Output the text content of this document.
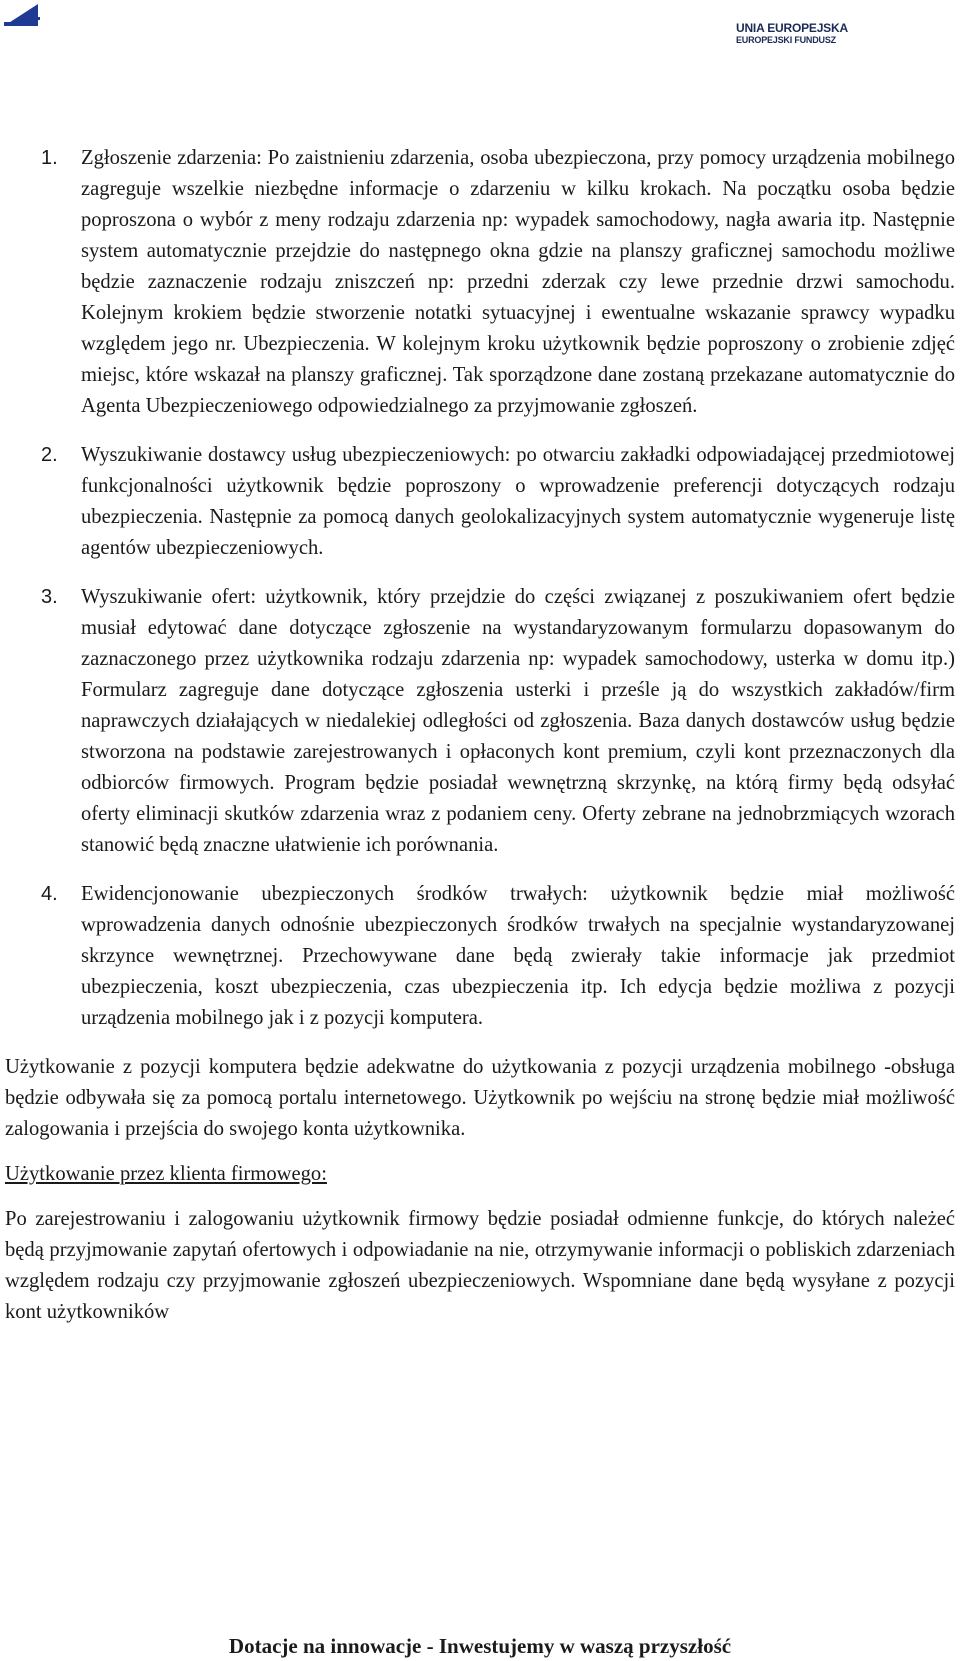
UNIA EUROPEJSKA
EUROPEJSKI FUNDUSZ
1. Zgłoszenie zdarzenia: Po zaistnieniu zdarzenia, osoba ubezpieczona, przy pomocy urządzenia mobilnego zagreguje wszelkie niezbędne informacje o zdarzeniu w kilku krokach. Na początku osoba będzie poproszona o wybór z meny rodzaju zdarzenia np: wypadek samochodowy, nagła awaria itp. Następnie system automatycznie przejdzie do następnego okna gdzie na planszy graficznej samochodu możliwe będzie zaznaczenie rodzaju zniszczeń np: przedni zderzak czy lewe przednie drzwi samochodu. Kolejnym krokiem będzie stworzenie notatki sytuacyjnej i ewentualne wskazanie sprawcy wypadku względem jego nr. Ubezpieczenia. W kolejnym kroku użytkownik będzie poproszony o zrobienie zdjęć miejsc, które wskazał na planszy graficznej. Tak sporządzone dane zostaną przekazane automatycznie do Agenta Ubezpieczeniowego odpowiedzialnego za przyjmowanie zgłoszeń.
2. Wyszukiwanie dostawcy usług ubezpieczeniowych: po otwarciu zakładki odpowiadającej przedmiotowej funkcjonalności użytkownik będzie poproszony o wprowadzenie preferencji dotyczących rodzaju ubezpieczenia. Następnie za pomocą danych geolokalizacyjnych system automatycznie wygeneruje listę agentów ubezpieczeniowych.
3. Wyszukiwanie ofert: użytkownik, który przejdzie do części związanej z poszukiwaniem ofert będzie musiał edytować dane dotyczące zgłoszenie na wystandaryzowanym formularzu dopasowanym do zaznaczonego przez użytkownika rodzaju zdarzenia np: wypadek samochodowy, usterka w domu itp.) Formularz zagreguje dane dotyczące zgłoszenia usterki i prześle ją do wszystkich zakładów/firm naprawczych działających w niedalekiej odległości od zgłoszenia. Baza danych dostawców usług będzie stworzona na podstawie zarejestrowanych i opłaconych kont premium, czyli kont przeznaczonych dla odbiorców firmowych. Program będzie posiadał wewnętrzną skrzynkę, na którą firmy będą odsyłać oferty eliminacji skutków zdarzenia wraz z podaniem ceny. Oferty zebrane na jednobrzmiących wzorach stanowić będą znaczne ułatwienie ich porównania.
4. Ewidencjonowanie ubezpieczonych środków trwałych: użytkownik będzie miał możliwość wprowadzenia danych odnośnie ubezpieczonych środków trwałych na specjalnie wystandaryzowanej skrzynce wewnętrznej. Przechowywane dane będą zwierały takie informacje jak przedmiot ubezpieczenia, koszt ubezpieczenia, czas ubezpieczenia itp. Ich edycja będzie możliwa z pozycji urządzenia mobilnego jak i z pozycji komputera.

Użytkowanie z pozycji komputera będzie adekwatne do użytkowania z pozycji urządzenia mobilnego -obsługa będzie odbywała się za pomocą portalu internetowego. Użytkownik po wejściu na stronę będzie miał możliwość zalogowania i przejścia do swojego konta użytkownika.

Użytkowanie przez klienta firmowego:

Po zarejestrowaniu i zalogowaniu użytkownik firmowy będzie posiadał odmienne funkcje, do których należeć będą przyjmowanie zapytań ofertowych i odpowiadanie na nie, otrzymywanie informacji o pobliskich zdarzeniach względem rodzaju czy przyjmowanie zgłoszeń ubezpieczeniowych. Wspomniane dane będą wysyłane z pozycji kont użytkowników

Dotacje na innowacje - Inwestujemy w waszą przyszłość
